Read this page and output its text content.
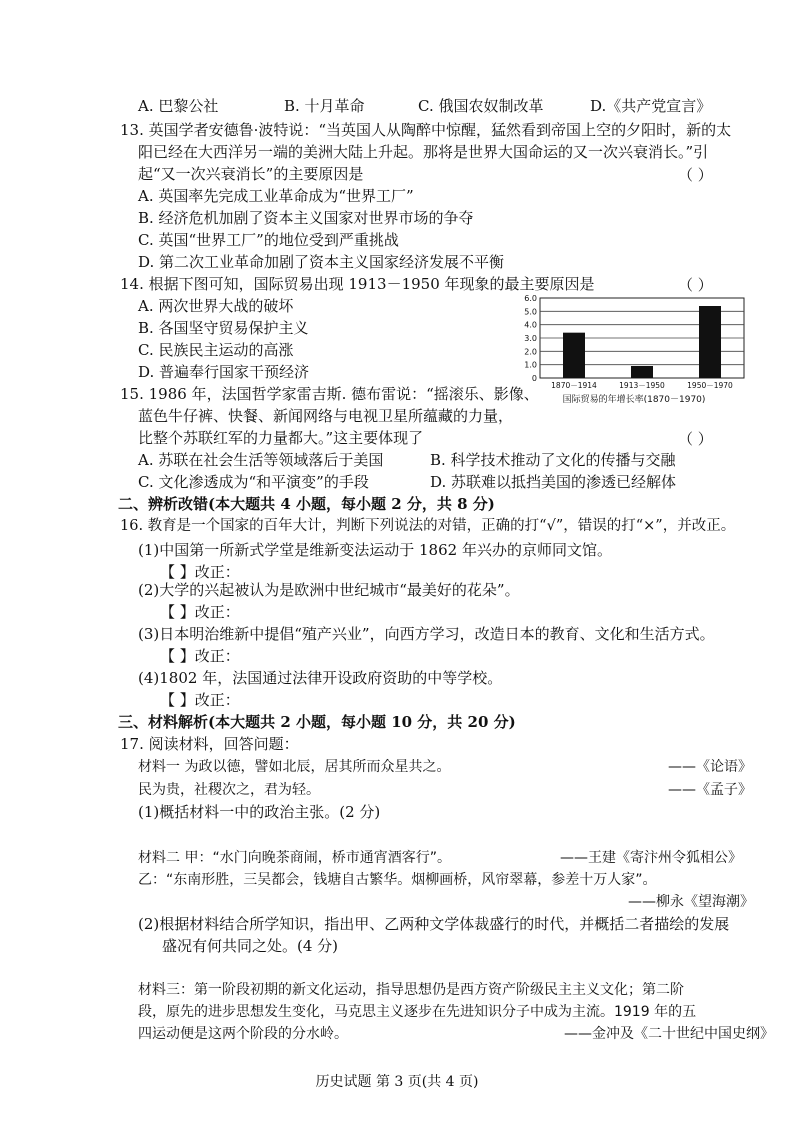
A. 巴黎公社	B. 十月革命	C. 俄国农奴制改革	D.《共产党宣言》
13. 英国学者安德鲁·波特说：“当英国人从陶醉中惊醒，猛然看到帝国上空的夕阳时，新的太
阳已经在大西洋另一端的美洲大陆上升起。那将是世界大国命运的又一次兴衰消长。”引
起“又一次兴衰消长”的主要原因是	（ ）
A. 英国率先完成工业革命成为“世界工厂”
B. 经济危机加剧了资本主义国家对世界市场的争夺
C. 英国“世界工厂”的地位受到严重挑战
D. 第二次工业革命加剧了资本主义国家经济发展不平衡
14. 根据下图可知，国际贸易出现 1913－1950 年现象的最主要原因是	（ ）
A. 两次世界大战的破坏
B. 各国坚守贸易保护主义
C. 民族民主运动的高涨
D. 普遍奉行国家干预经济
6.0
5.0
4.0
3.0
2.0
1.0
0
1870－1914	1913－1950	1950－1970
国际贸易的年增长率(1870－1970)
15. 1986 年，法国哲学家雷吉斯. 德布雷说：“摇滚乐、影像、
蓝色牛仔裤、快餐、新闻网络与电视卫星所蕴藏的力量，
比整个苏联红军的力量都大。”这主要体现了	（ ）
A. 苏联在社会生活等领域落后于美国	B. 科学技术推动了文化的传播与交融
C. 文化渗透成为“和平演变”的手段	D. 苏联难以抵挡美国的渗透已经解体
二、辨析改错(本大题共 4 小题，每小题 2 分，共 8 分)
16. 教育是一个国家的百年大计，判断下列说法的对错，正确的打“√”，错误的打“×”，并改正。
(1)中国第一所新式学堂是维新变法运动于 1862 年兴办的京师同文馆。
【 】改正：
(2)大学的兴起被认为是欧洲中世纪城市“最美好的花朵”。
【 】改正：
(3)日本明治维新中提倡“殖产兴业”，向西方学习，改造日本的教育、文化和生活方式。
【 】改正：
(4)1802 年，法国通过法律开设政府资助的中等学校。
【 】改正：
三、材料解析(本大题共 2 小题，每小题 10 分，共 20 分)
17. 阅读材料，回答问题：
材料一 为政以德，譬如北辰，居其所而众星共之。	——《论语》
民为贵，社稷次之，君为轻。	——《孟子》
(1)概括材料一中的政治主张。(2 分)
材料二 甲：“水门向晚茶商闹，桥市通宵酒客行”。	——王建《寄汴州令狐相公》
乙：“东南形胜，三吴都会，钱塘自古繁华。烟柳画桥，风帘翠幕，参差十万人家”。
——柳永《望海潮》
(2)根据材料结合所学知识，指出甲、乙两种文学体裁盛行的时代，并概括二者描绘的发展
盛况有何共同之处。(4 分)
材料三：第一阶段初期的新文化运动，指导思想仍是西方资产阶级民主主义文化；第二阶
段，原先的进步思想发生变化，马克思主义逐步在先进知识分子中成为主流。1919 年的五
四运动便是这两个阶段的分水岭。	——金冲及《二十世纪中国史纲》
历史试题 第 3 页(共 4 页)
